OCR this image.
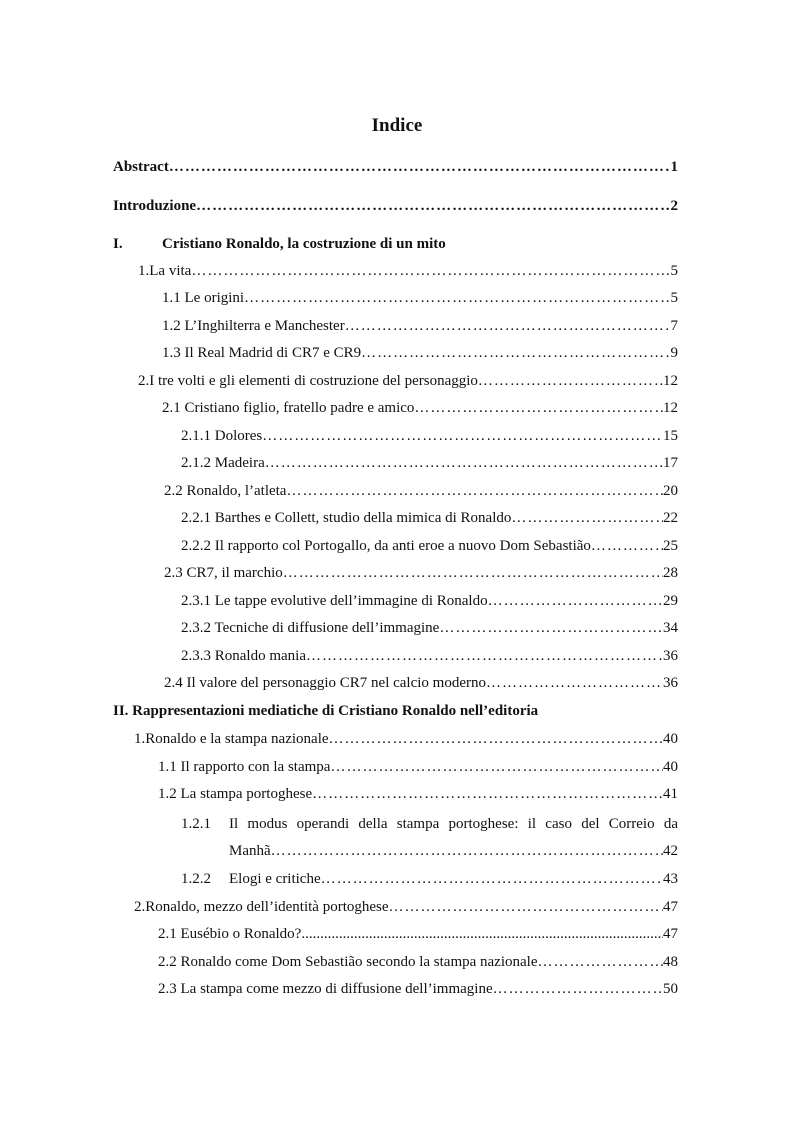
Indice
Abstract …………………………………………………………………………………………………………………………………………………………………………………………………………………	1
Introduzione …………………………………………………………………………………………………………………………………………………………………………………………………………………	2
I.	Cristiano Ronaldo, la costruzione di un mito
1. La vita …………………………………………………………………………………………………………………………………………………………………………………………………………………	5
1.1 Le origini …………………………………………………………………………………………………………………………………………………………………………………………………………………	5
1.2 L’Inghilterra e Manchester …………………………………………………………………………………………………………………………………………………………………………………………………………………	7
1.3 Il Real Madrid di CR7 e CR9 …………………………………………………………………………………………………………………………………………………………………………………………………………………	9
2. I tre volti e gli elementi di costruzione del personaggio …………………………………………………………………………………………………………………………………………………………………………………………………………………	12
2.1 Cristiano figlio, fratello padre e amico …………………………………………………………………………………………………………………………………………………………………………………………………………………	12
2.1.1 Dolores …………………………………………………………………………………………………………………………………………………………………………………………………………………	15
2.1.2 Madeira …………………………………………………………………………………………………………………………………………………………………………………………………………………	17
2.2 Ronaldo, l’atleta …………………………………………………………………………………………………………………………………………………………………………………………………………………	20
2.2.1 Barthes e Collett, studio della mimica di Ronaldo …………………………………………………………………………………………………………………………………………………………………………………………………………………	22
2.2.2 Il rapporto col Portogallo, da anti eroe a nuovo Dom Sebastião …………………………………………………………………………………………………………………………………………………………………………………………………………………	25
2.3 CR7, il marchio …………………………………………………………………………………………………………………………………………………………………………………………………………………	28
2.3.1 Le tappe evolutive dell’immagine di Ronaldo …………………………………………………………………………………………………………………………………………………………………………………………………………………	29
2.3.2 Tecniche di diffusione dell’immagine …………………………………………………………………………………………………………………………………………………………………………………………………………………	34
2.3.3 Ronaldo mania …………………………………………………………………………………………………………………………………………………………………………………………………………………	36
2.4 Il valore del personaggio CR7 nel calcio moderno …………………………………………………………………………………………………………………………………………………………………………………………………………………	36
II. Rappresentazioni mediatiche di Cristiano Ronaldo nell’editoria
1. Ronaldo e la stampa nazionale …………………………………………………………………………………………………………………………………………………………………………………………………………………	40
1.1 Il rapporto con la stampa …………………………………………………………………………………………………………………………………………………………………………………………………………………	40
1.2 La stampa portoghese …………………………………………………………………………………………………………………………………………………………………………………………………………………	41
1.2.1 Il modus operandi della stampa portoghese: il caso del Correio da
Manhã …………………………………………………………………………………………………………………………………………………………………………………………………………………	42
1.2.2 Elogi e critiche …………………………………………………………………………………………………………………………………………………………………………………………………………………	43
2. Ronaldo, mezzo dell’identità portoghese …………………………………………………………………………………………………………………………………………………………………………………………………………………	47
2.1 Eusébio o Ronaldo? .....	47
2.2 Ronaldo come Dom Sebastião secondo la stampa nazionale …………………………………………………………………………………………………………………………………………………………………………………………………………………	48
2.3 La stampa come mezzo di diffusione dell’immagine …………………………………………………………………………………………………………………………………………………………………………………………………………………	50
